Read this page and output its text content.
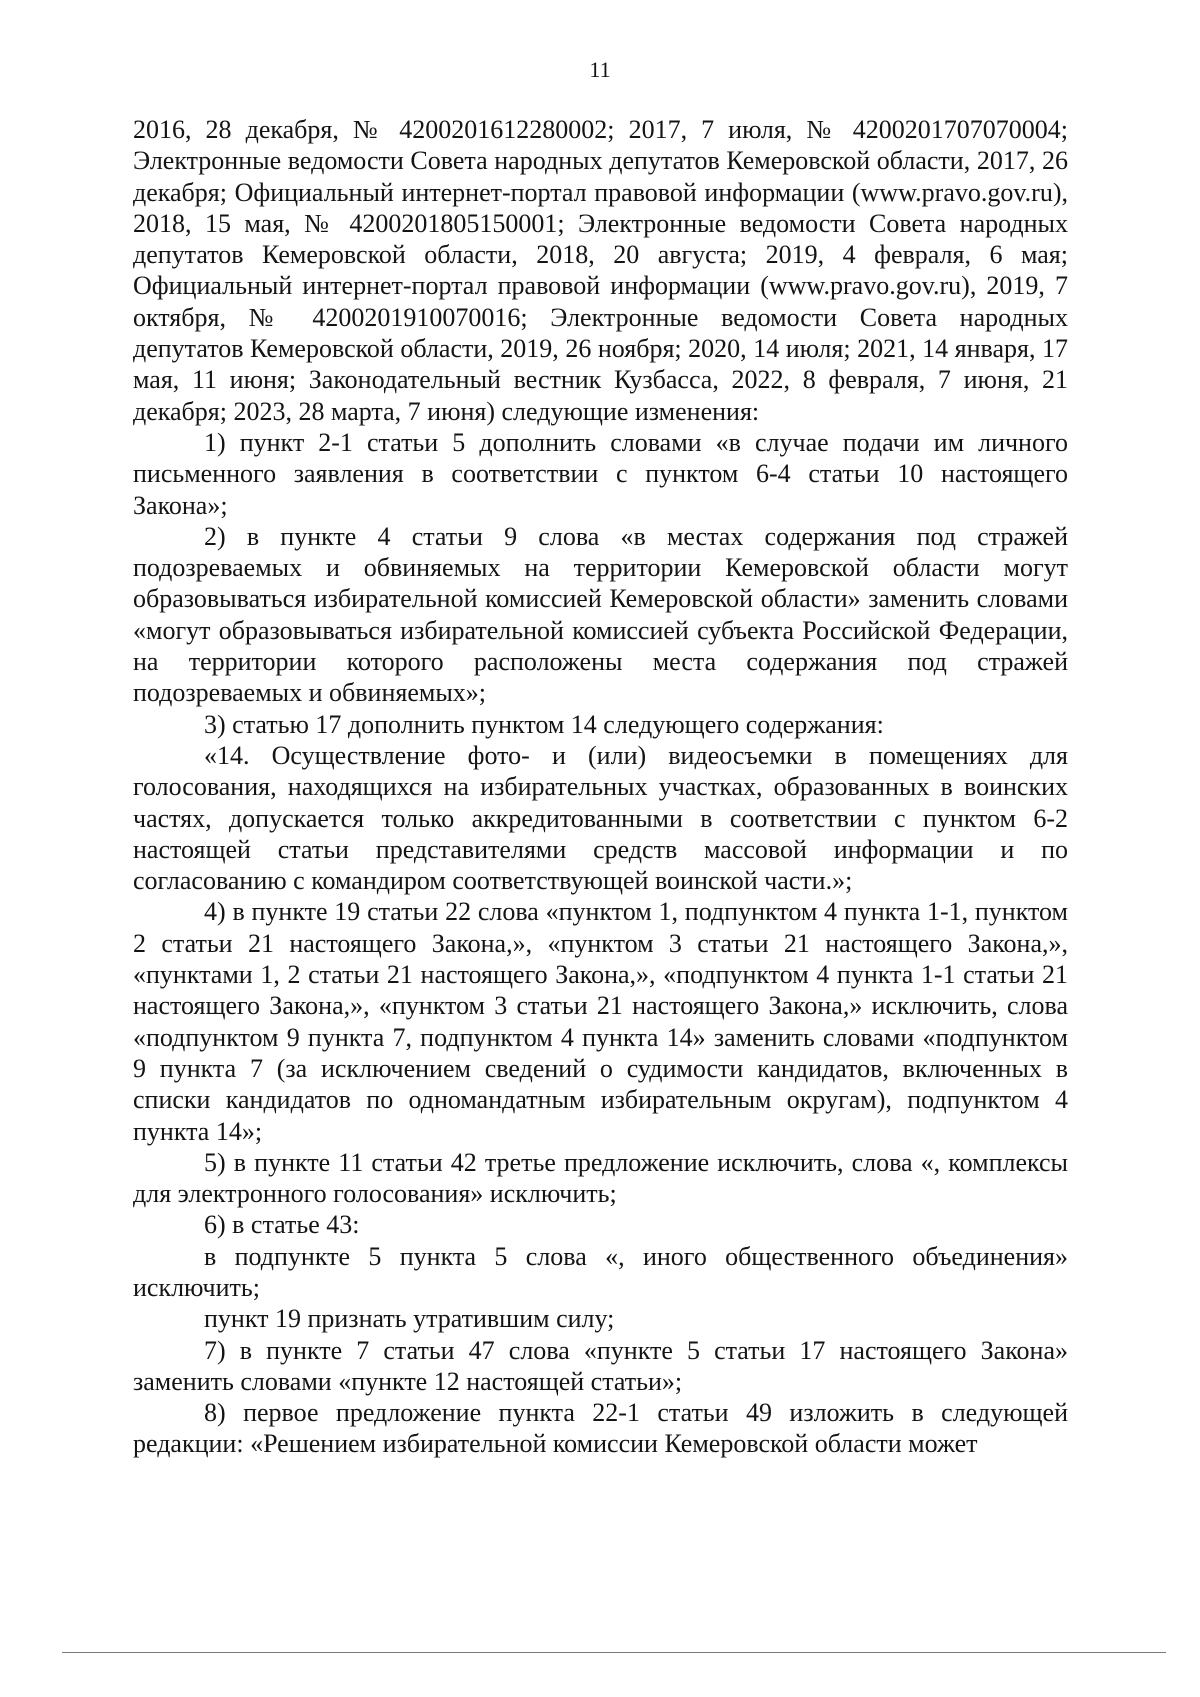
11

2016, 28 декабря, № 4200201612280002; 2017, 7 июля, № 4200201707070004; Электронные ведомости Совета народных депутатов Кемеровской области, 2017, 26 декабря; Официальный интернет-портал правовой информации (www.pravo.gov.ru), 2018, 15 мая, № 4200201805150001; Электронные ведомости Совета народных депутатов Кемеровской области, 2018, 20 августа; 2019, 4 февраля, 6 мая; Официальный интернет-портал правовой информации (www.pravo.gov.ru), 2019, 7 октября, № 4200201910070016; Электронные ведомости Совета народных депутатов Кемеровской области, 2019, 26 ноября; 2020, 14 июля; 2021, 14 января, 17 мая, 11 июня; Законодательный вестник Кузбасса, 2022, 8 февраля, 7 июня, 21 декабря; 2023, 28 марта, 7 июня) следующие изменения:

1) пункт 2-1 статьи 5 дополнить словами «в случае подачи им личного письменного заявления в соответствии с пунктом 6-4 статьи 10 настоящего Закона»;

2) в пункте 4 статьи 9 слова «в местах содержания под стражей подозреваемых и обвиняемых на территории Кемеровской области могут образовываться избирательной комиссией Кемеровской области» заменить словами «могут образовываться избирательной комиссией субъекта Российской Федерации, на территории которого расположены места содержания под стражей подозреваемых и обвиняемых»;

3) статью 17 дополнить пунктом 14 следующего содержания:

«14. Осуществление фото- и (или) видеосъемки в помещениях для голосования, находящихся на избирательных участках, образованных в воинских частях, допускается только аккредитованными в соответствии с пунктом 6-2 настоящей статьи представителями средств массовой информации и по согласованию с командиром соответствующей воинской части.»;

4) в пункте 19 статьи 22 слова «пунктом 1, подпунктом 4 пункта 1-1, пунктом 2 статьи 21 настоящего Закона,», «пунктом 3 статьи 21 настоящего Закона,», «пунктами 1, 2 статьи 21 настоящего Закона,», «подпунктом 4 пункта 1-1 статьи 21 настоящего Закона,», «пунктом 3 статьи 21 настоящего Закона,» исключить, слова «подпунктом 9 пункта 7, подпунктом 4 пункта 14» заменить словами «подпунктом 9 пункта 7 (за исключением сведений о судимости кандидатов, включенных в списки кандидатов по одномандатным избирательным округам), подпунктом 4 пункта 14»;

5) в пункте 11 статьи 42 третье предложение исключить, слова «, комплексы для электронного голосования» исключить;

6) в статье 43:

в подпункте 5 пункта 5 слова «, иного общественного объединения» исключить;

пункт 19 признать утратившим силу;

7) в пункте 7 статьи 47 слова «пункте 5 статьи 17 настоящего Закона» заменить словами «пункте 12 настоящей статьи»;

8) первое предложение пункта 22-1 статьи 49 изложить в следующей редакции: «Решением избирательной комиссии Кемеровской области может
